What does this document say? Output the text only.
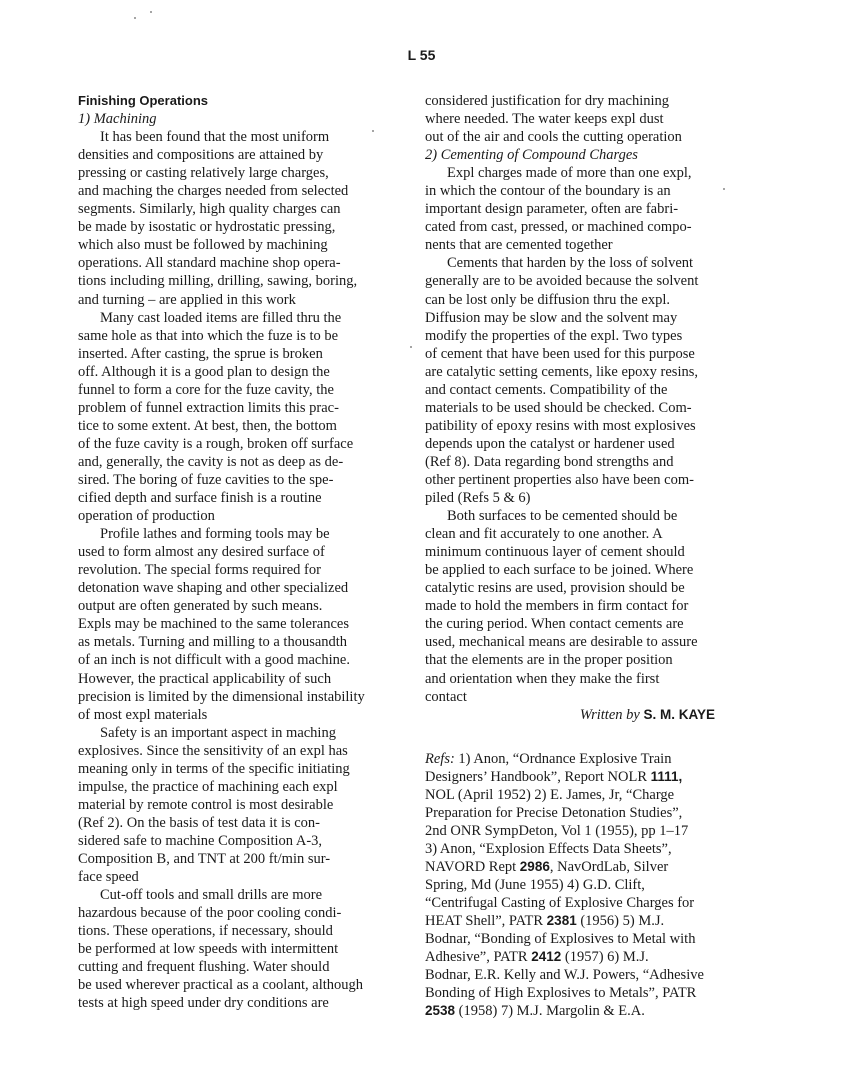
L 55
Finishing Operations
1) Machining
It has been found that the most uniform
densities and compositions are attained by
pressing or casting relatively large charges,
and maching the charges needed from selected
segments. Similarly, high quality charges can
be made by isostatic or hydrostatic pressing,
which also must be followed by machining
operations. All standard machine shop opera-
tions including milling, drilling, sawing, boring,
and turning – are applied in this work
Many cast loaded items are filled thru the
same hole as that into which the fuze is to be
inserted. After casting, the sprue is broken
off. Although it is a good plan to design the
funnel to form a core for the fuze cavity, the
problem of funnel extraction limits this prac-
tice to some extent. At best, then, the bottom
of the fuze cavity is a rough, broken off surface
and, generally, the cavity is not as deep as de-
sired. The boring of fuze cavities to the spe-
cified depth and surface finish is a routine
operation of production
Profile lathes and forming tools may be
used to form almost any desired surface of
revolution. The special forms required for
detonation wave shaping and other specialized
output are often generated by such means.
Expls may be machined to the same tolerances
as metals. Turning and milling to a thousandth
of an inch is not difficult with a good machine.
However, the practical applicability of such
precision is limited by the dimensional instability
of most expl materials
Safety is an important aspect in maching
explosives. Since the sensitivity of an expl has
meaning only in terms of the specific initiating
impulse, the practice of machining each expl
material by remote control is most desirable
(Ref 2). On the basis of test data it is con-
sidered safe to machine Composition A-3,
Composition B, and TNT at 200 ft/min sur-
face speed
Cut-off tools and small drills are more
hazardous because of the poor cooling condi-
tions. These operations, if necessary, should
be performed at low speeds with intermittent
cutting and frequent flushing. Water should
be used wherever practical as a coolant, although
tests at high speed under dry conditions are
considered justification for dry machining
where needed. The water keeps expl dust
out of the air and cools the cutting operation
2) Cementing of Compound Charges
Expl charges made of more than one expl,
in which the contour of the boundary is an
important design parameter, often are fabri-
cated from cast, pressed, or machined compo-
nents that are cemented together
Cements that harden by the loss of solvent
generally are to be avoided because the solvent
can be lost only be diffusion thru the expl.
Diffusion may be slow and the solvent may
modify the properties of the expl. Two types
of cement that have been used for this purpose
are catalytic setting cements, like epoxy resins,
and contact cements. Compatibility of the
materials to be used should be checked. Com-
patibility of epoxy resins with most explosives
depends upon the catalyst or hardener used
(Ref 8). Data regarding bond strengths and
other pertinent properties also have been com-
piled (Refs 5 & 6)
Both surfaces to be cemented should be
clean and fit accurately to one another. A
minimum continuous layer of cement should
be applied to each surface to be joined. Where
catalytic resins are used, provision should be
made to hold the members in firm contact for
the curing period. When contact cements are
used, mechanical means are desirable to assure
that the elements are in the proper position
and orientation when they make the first
contact
Written by S. M. KAYE
Refs: 1) Anon, “Ordnance Explosive Train
Designers’ Handbook”, Report NOLR 1111,
NOL (April 1952) 2) E. James, Jr, “Charge
Preparation for Precise Detonation Studies”,
2nd ONR SympDeton, Vol 1 (1955), pp 1–17
3) Anon, “Explosion Effects Data Sheets”,
NAVORD Rept 2986, NavOrdLab, Silver
Spring, Md (June 1955) 4) G.D. Clift,
“Centrifugal Casting of Explosive Charges for
HEAT Shell”, PATR 2381 (1956) 5) M.J.
Bodnar, “Bonding of Explosives to Metal with
Adhesive”, PATR 2412 (1957) 6) M.J.
Bodnar, E.R. Kelly and W.J. Powers, “Adhesive
Bonding of High Explosives to Metals”, PATR
2538 (1958) 7) M.J. Margolin & E.A.
